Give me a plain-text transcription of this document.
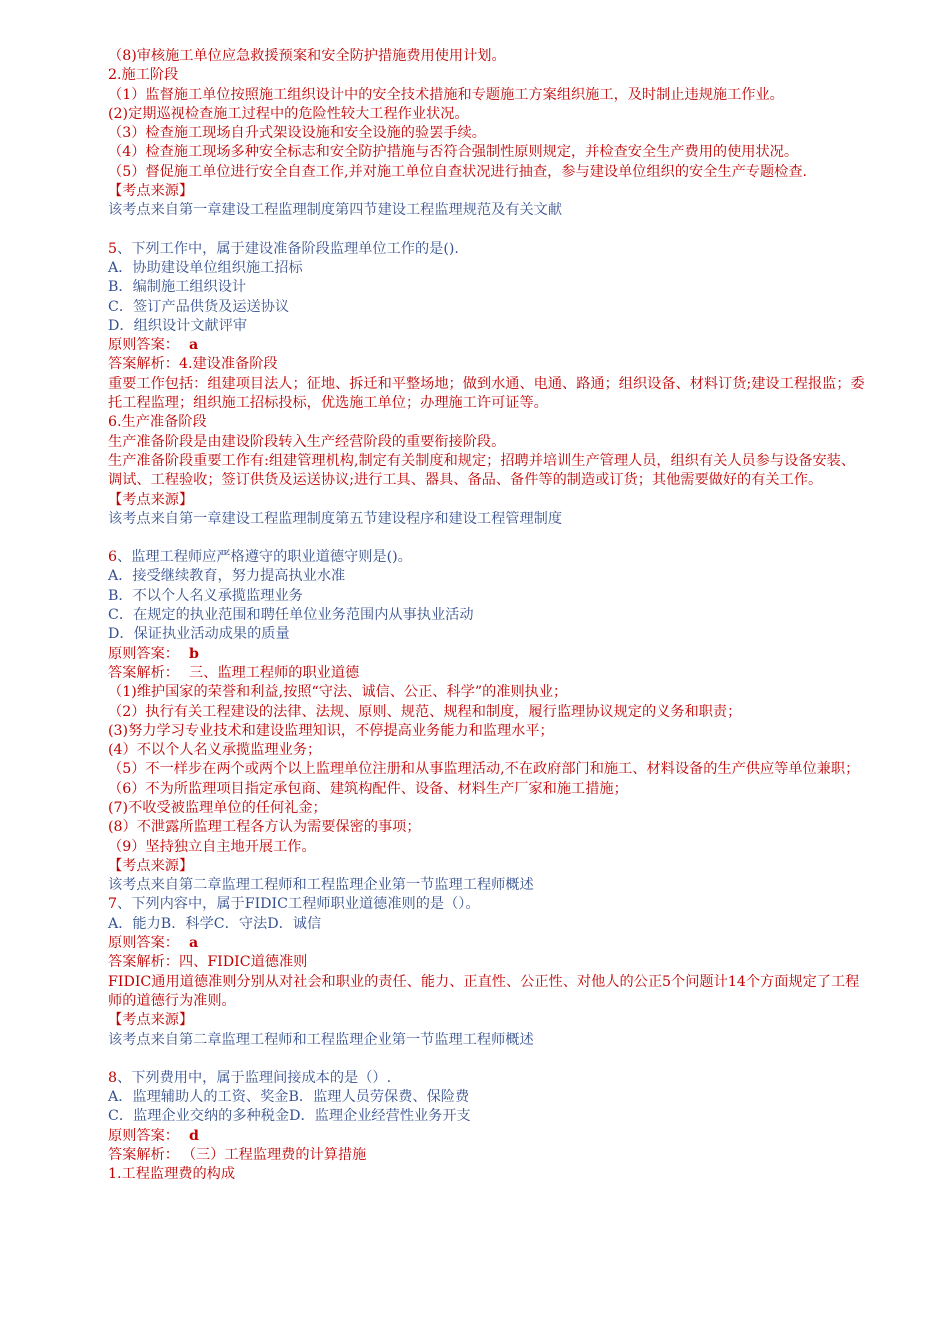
（8)审核施工单位应急救援预案和安全防护措施费用使用计划。
2.施工阶段
（1）监督施工单位按照施工组织设计中的安全技术措施和专题施工方案组织施工，及时制止违规施工作业。
(2)定期巡视检查施工过程中的危险性较大工程作业状况。
（3）检查施工现场自升式架设设施和安全设施的验罢手续。
（4）检查施工现场多种安全标志和安全防护措施与否符合强制性原则规定，并检查安全生产费用的使用状况。
（5）督促施工单位进行安全自查工作,并对施工单位自查状况进行抽查，参与建设单位组织的安全生产专题检查.
【考点来源】
该考点来自第一章建设工程监理制度第四节建设工程监理规范及有关文献
5、下列工作中，属于建设准备阶段监理单位工作的是().
A．协助建设单位组织施工招标
B．编制施工组织设计
C．签订产品供货及运送协议
D．组织设计文献评审
原则答案： a
答案解析：4.建设准备阶段
重要工作包括：组建项目法人；征地、拆迁和平整场地；做到水通、电通、路通；组织设备、材料订货;建设工程报监；委托工程监理；组织施工招标投标，优选施工单位；办理施工许可证等。
6.生产准备阶段
生产准备阶段是由建设阶段转入生产经营阶段的重要衔接阶段。
生产准备阶段重要工作有:组建管理机构,制定有关制度和规定；招聘并培训生产管理人员，组织有关人员参与设备安装、调试、工程验收；签订供货及运送协议;进行工具、器具、备品、备件等的制造或订货；其他需要做好的有关工作。
【考点来源】
该考点来自第一章建设工程监理制度第五节建设程序和建设工程管理制度
6、监理工程师应严格遵守的职业道德守则是()。
A．接受继续教育，努力提高执业水准
B．不以个人名义承揽监理业务
C．在规定的执业范围和聘任单位业务范围内从事执业活动
D．保证执业活动成果的质量
原则答案： b
答案解析： 三、监理工程师的职业道德
（1)维护国家的荣誉和利益,按照“守法、诚信、公正、科学”的准则执业；
（2）执行有关工程建设的法律、法规、原则、规范、规程和制度，履行监理协议规定的义务和职责；
(3)努力学习专业技术和建设监理知识，不停提高业务能力和监理水平；
(4）不以个人名义承揽监理业务；
（5）不一样步在两个或两个以上监理单位注册和从事监理活动,不在政府部门和施工、材料设备的生产供应等单位兼职；
（6）不为所监理项目指定承包商、建筑构配件、设备、材料生产厂家和施工措施；
(7)不收受被监理单位的任何礼金；
(8）不泄露所监理工程各方认为需要保密的事项；
（9）坚持独立自主地开展工作。
【考点来源】
该考点来自第二章监理工程师和工程监理企业第一节监理工程师概述
7、下列内容中，属于FIDIC工程师职业道德准则的是（）。
A．能力B．科学C．守法D．诚信
原则答案： a
答案解析：四、FIDIC道德准则
FIDIC通用道德准则分别从对社会和职业的责任、能力、正直性、公正性、对他人的公正5个问题计14个方面规定了工程师的道德行为准则。
【考点来源】
该考点来自第二章监理工程师和工程监理企业第一节监理工程师概述
8、下列费用中，属于监理间接成本的是（）.
A．监理辅助人的工资、奖金B．监理人员劳保费、保险费
C．监理企业交纳的多种税金D．监理企业经营性业务开支
原则答案： d
答案解析： （三）工程监理费的计算措施
1.工程监理费的构成
